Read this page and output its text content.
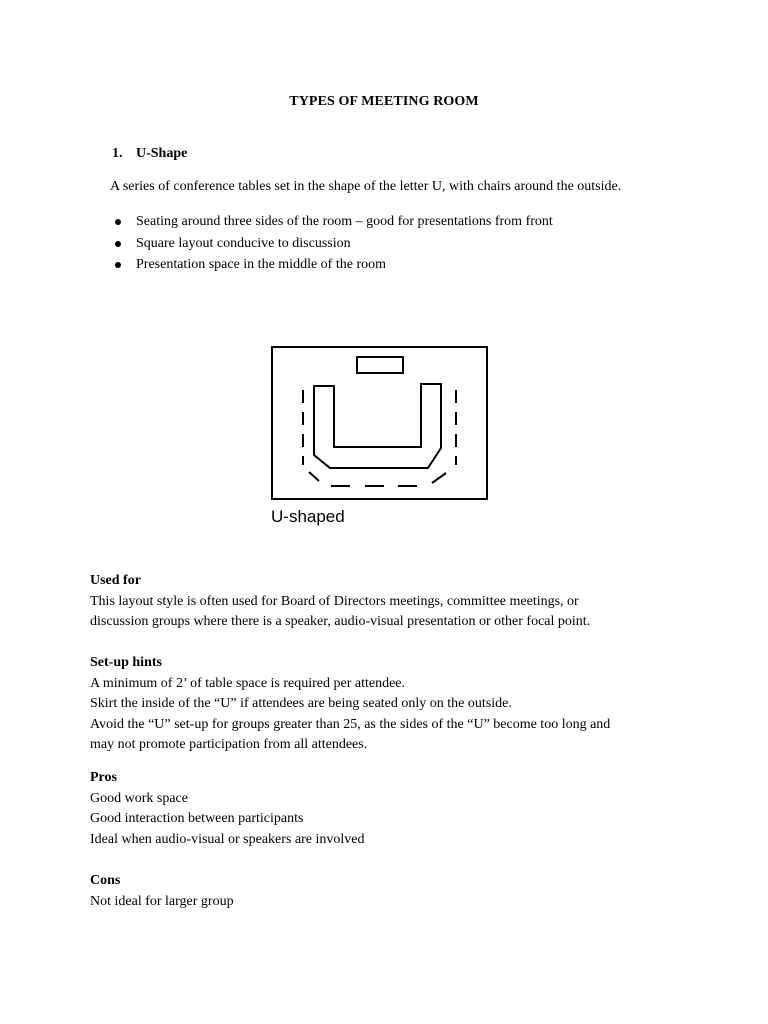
TYPES OF MEETING ROOM
1. U-Shape
A series of conference tables set in the shape of the letter U, with chairs around the outside.
Seating around three sides of the room – good for presentations from front
Square layout conducive to discussion
Presentation space in the middle of the room
U-shaped
Used for
This layout style is often used for Board of Directors meetings, committee meetings, or
discussion groups where there is a speaker, audio-visual presentation or other focal point.
Set-up hints
A minimum of 2’ of table space is required per attendee.
Skirt the inside of the “U” if attendees are being seated only on the outside.
Avoid the “U” set-up for groups greater than 25, as the sides of the “U” become too long and
may not promote participation from all attendees.
Pros
Good work space
Good interaction between participants
Ideal when audio-visual or speakers are involved
Cons
Not ideal for larger group
